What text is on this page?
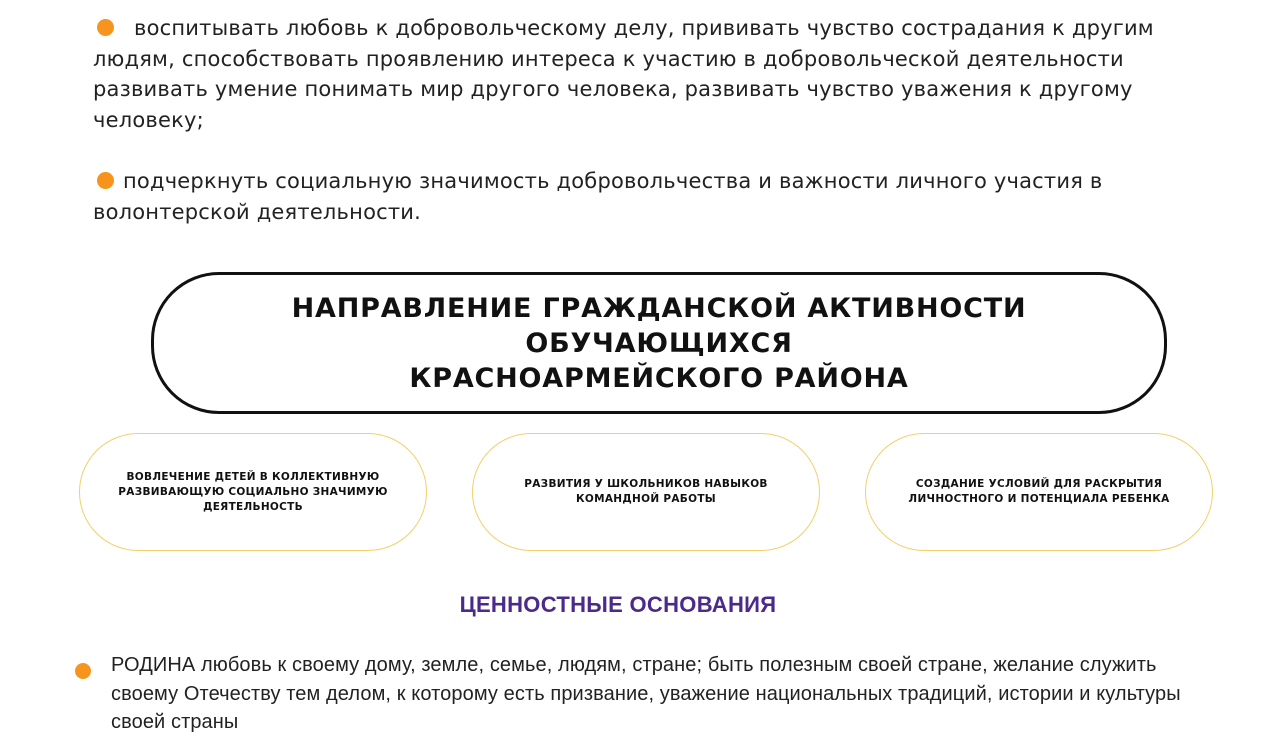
воспитывать любовь к добровольческому делу, прививать чувство сострадания к другим людям, способствовать проявлению интереса к участию в добровольческой деятельности развивать умение понимать мир другого человека, развивать чувство уважения к другому человеку;
подчеркнуть социальную значимость добровольчества и важности личного участия в волонтерской деятельности.
НАПРАВЛЕНИЕ ГРАЖДАНСКОЙ АКТИВНОСТИ ОБУЧАЮЩИХСЯ
КРАСНОАРМЕЙСКОГО РАЙОНА
ВОВЛЕЧЕНИЕ ДЕТЕЙ В КОЛЛЕКТИВНУЮ РАЗВИВАЮЩУЮ СОЦИАЛЬНО ЗНАЧИМУЮ ДЕЯТЕЛЬНОСТЬ
РАЗВИТИЯ У ШКОЛЬНИКОВ НАВЫКОВ КОМАНДНОЙ РАБОТЫ
СОЗДАНИЕ УСЛОВИЙ ДЛЯ РАСКРЫТИЯ ЛИЧНОСТНОГО И ПОТЕНЦИАЛА РЕБЕНКА
ЦЕННОСТНЫЕ ОСНОВАНИЯ
РОДИНА любовь к своему дому, земле, семье, людям, стране; быть полезным своей стране, желание служить своему Отечеству тем делом, к которому есть призвание, уважение национальных традиций, истории и культуры своей страны
